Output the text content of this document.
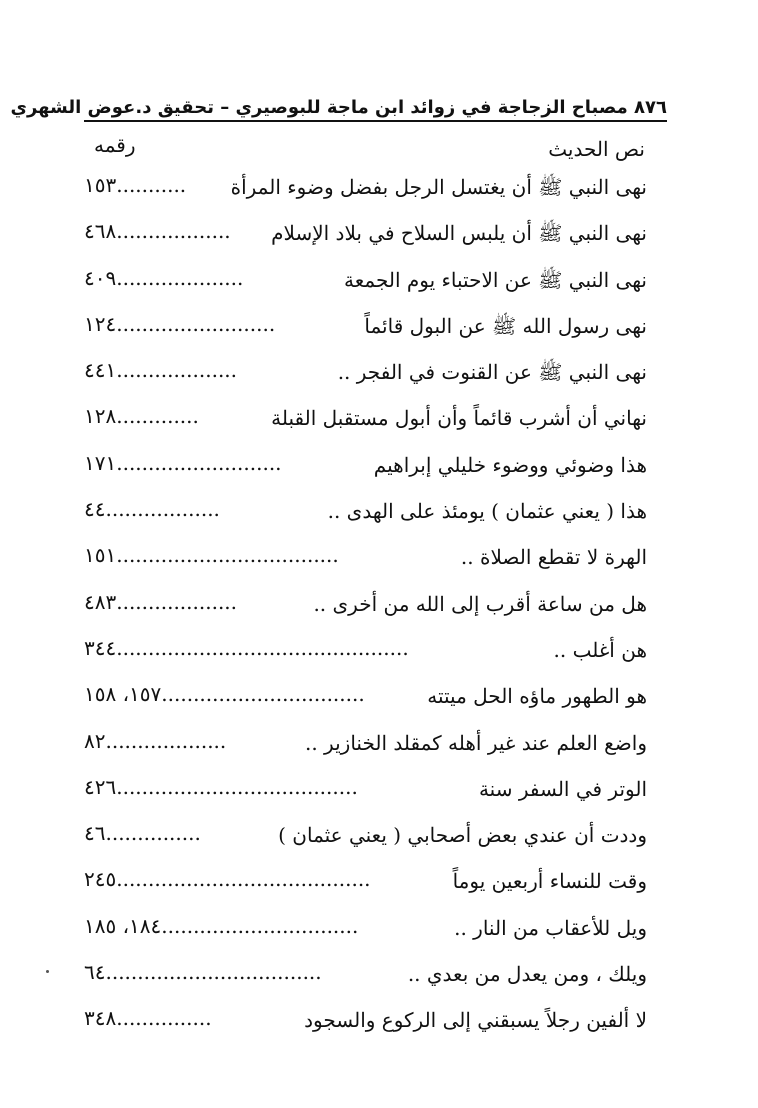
٨٧٦ مصباح الزجاجة في زوائد ابن ماجة للبوصيري – تحقيق د.عوض الشهري
نص الحديث
رقمه
نهى النبي ﷺ أن يغتسل الرجل بفضل وضوء المرأة
...........١٥٣
نهى النبي ﷺ أن يلبس السلاح في بلاد الإسلام
..................٤٦٨
نهى النبي ﷺ عن الاحتباء يوم الجمعة
....................٤٠٩
نهى رسول الله ﷺ عن البول قائماً
.........................١٢٤
نهى النبي ﷺ عن القنوت في الفجر ..
...................٤٤١
نهاني أن أشرب قائماً وأن أبول مستقبل القبلة
.............١٢٨
هذا وضوئي ووضوء خليلي إبراهيم
..........................١٧١
هذا ( يعني عثمان ) يومئذ على الهدى ..
..................٤٤
الهرة لا تقطع الصلاة ..
...................................١٥١
هل من ساعة أقرب إلى الله من أخرى ..
...................٤٨٣
هن أغلب ..
..............................................٣٤٤
هو الطهور ماؤه الحل ميتته
................................١٥٧، ١٥٨
واضع العلم عند غير أهله كمقلد الخنازير ..
...................٨٢
الوتر في السفر سنة
......................................٤٢٦
وددت أن عندي بعض أصحابي ( يعني عثمان )
...............٤٦
وقت للنساء أربعين يوماً
........................................٢٤٥
ويل للأعقاب من النار ..
...............................١٨٤، ١٨٥
ويلك ، ومن يعدل من بعدي ..
..................................٦٤
لا ألفين رجلاً يسبقني إلى الركوع والسجود
...............٣٤٨
